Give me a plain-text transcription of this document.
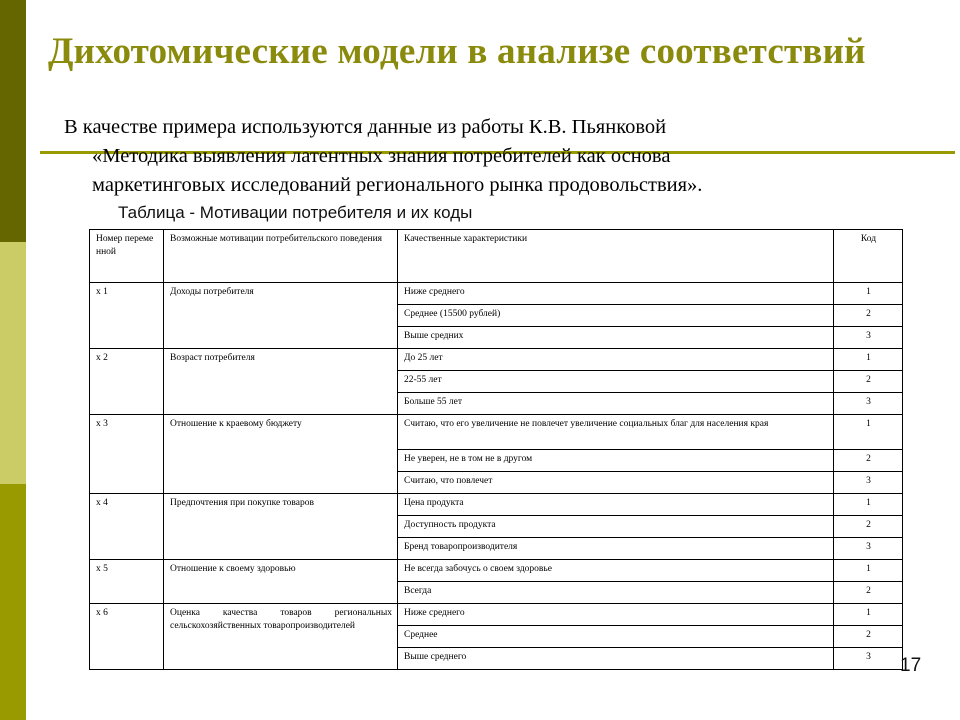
Дихотомические модели в анализе соответствий
В качестве примера используются данные из работы К.В. Пьянковой
«Методика выявления латентных знания потребителей как основа
маркетинговых исследований регионального рынка продовольствия».
Таблица - Мотивации потребителя и их коды
Номер переме нной	Возможные мотивации потребительского поведения	Качественные характеристики	Код
x 1	Доходы потребителя	Ниже среднего	1
		Среднее (15500 рублей)	2
		Выше средних	3
x 2	Возраст потребителя	До 25 лет	1
		22-55 лет	2
		Больше 55 лет	3
x 3	Отношение к краевому бюджету	Считаю, что его увеличение не повлечет увеличение социальных благ для населения края	1
		Не уверен, не в том не в другом	2
		Считаю, что повлечет	3
x 4	Предпочтения при покупке товаров	Цена продукта	1
		Доступность продукта	2
		Бренд товаропроизводителя	3
x 5	Отношение к своему здоровью	Не всегда забочусь о своем здоровье	1
		Всегда	2
x 6	Оценка качества товаров региональных сельскохозяйственных товаропроизводителей	Ниже среднего	1
		Среднее	2
		Выше среднего	3 17
